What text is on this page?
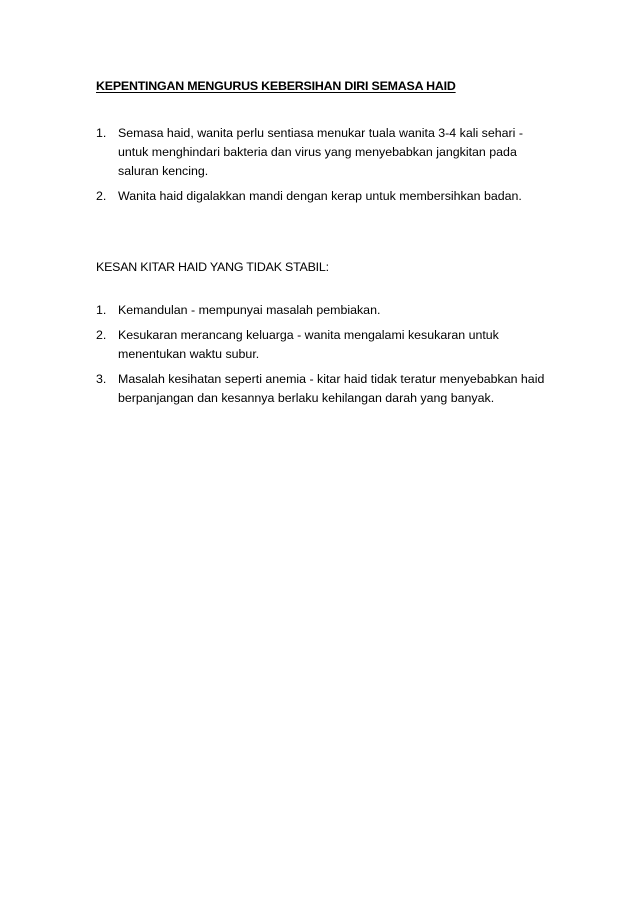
KEPENTINGAN MENGURUS KEBERSIHAN DIRI SEMASA HAID
1. Semasa haid, wanita perlu sentiasa menukar tuala wanita 3-4 kali sehari - untuk menghindari bakteria dan virus yang menyebabkan jangkitan pada saluran kencing.
2. Wanita haid digalakkan mandi dengan kerap untuk membersihkan badan.
KESAN KITAR HAID YANG TIDAK STABIL:
1. Kemandulan - mempunyai masalah pembiakan.
2. Kesukaran merancang keluarga - wanita mengalami kesukaran untuk menentukan waktu subur.
3. Masalah kesihatan seperti anemia - kitar haid tidak teratur menyebabkan haid berpanjangan dan kesannya berlaku kehilangan darah yang banyak.
